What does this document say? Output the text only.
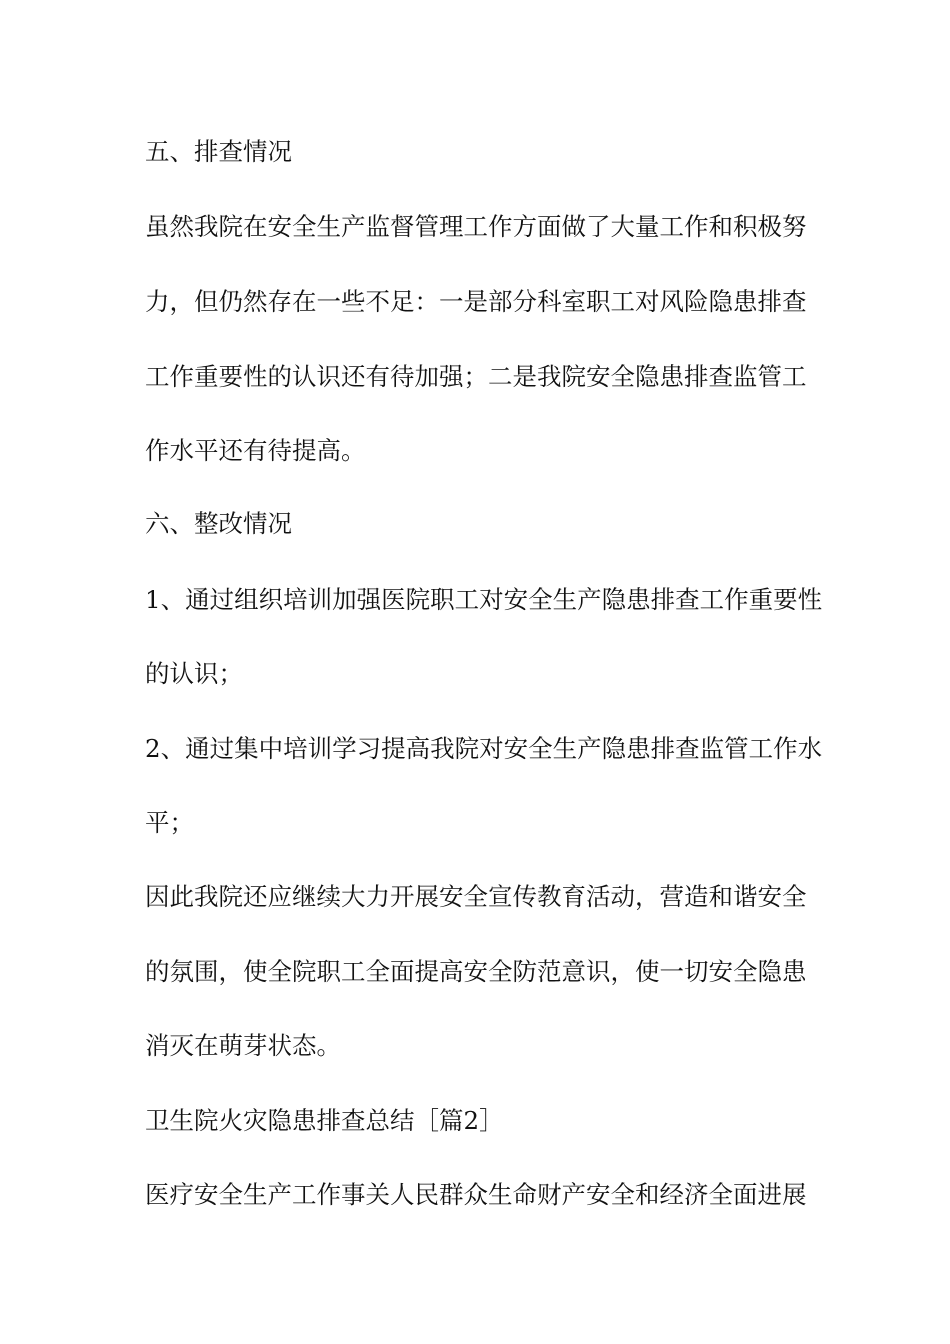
五、排查情况

虽然我院在安全生产监督管理工作方面做了大量工作和积极努

力，但仍然存在一些不足：一是部分科室职工对风险隐患排查

工作重要性的认识还有待加强；二是我院安全隐患排查监管工

作水平还有待提高。

六、整改情况

1、通过组织培训加强医院职工对安全生产隐患排查工作重要性

的认识；

2、通过集中培训学习提高我院对安全生产隐患排查监管工作水

平；

因此我院还应继续大力开展安全宣传教育活动，营造和谐安全

的氛围，使全院职工全面提高安全防范意识，使一切安全隐患

消灭在萌芽状态。

卫生院火灾隐患排查总结［篇2］

医疗安全生产工作事关人民群众生命财产安全和经济全面进展
